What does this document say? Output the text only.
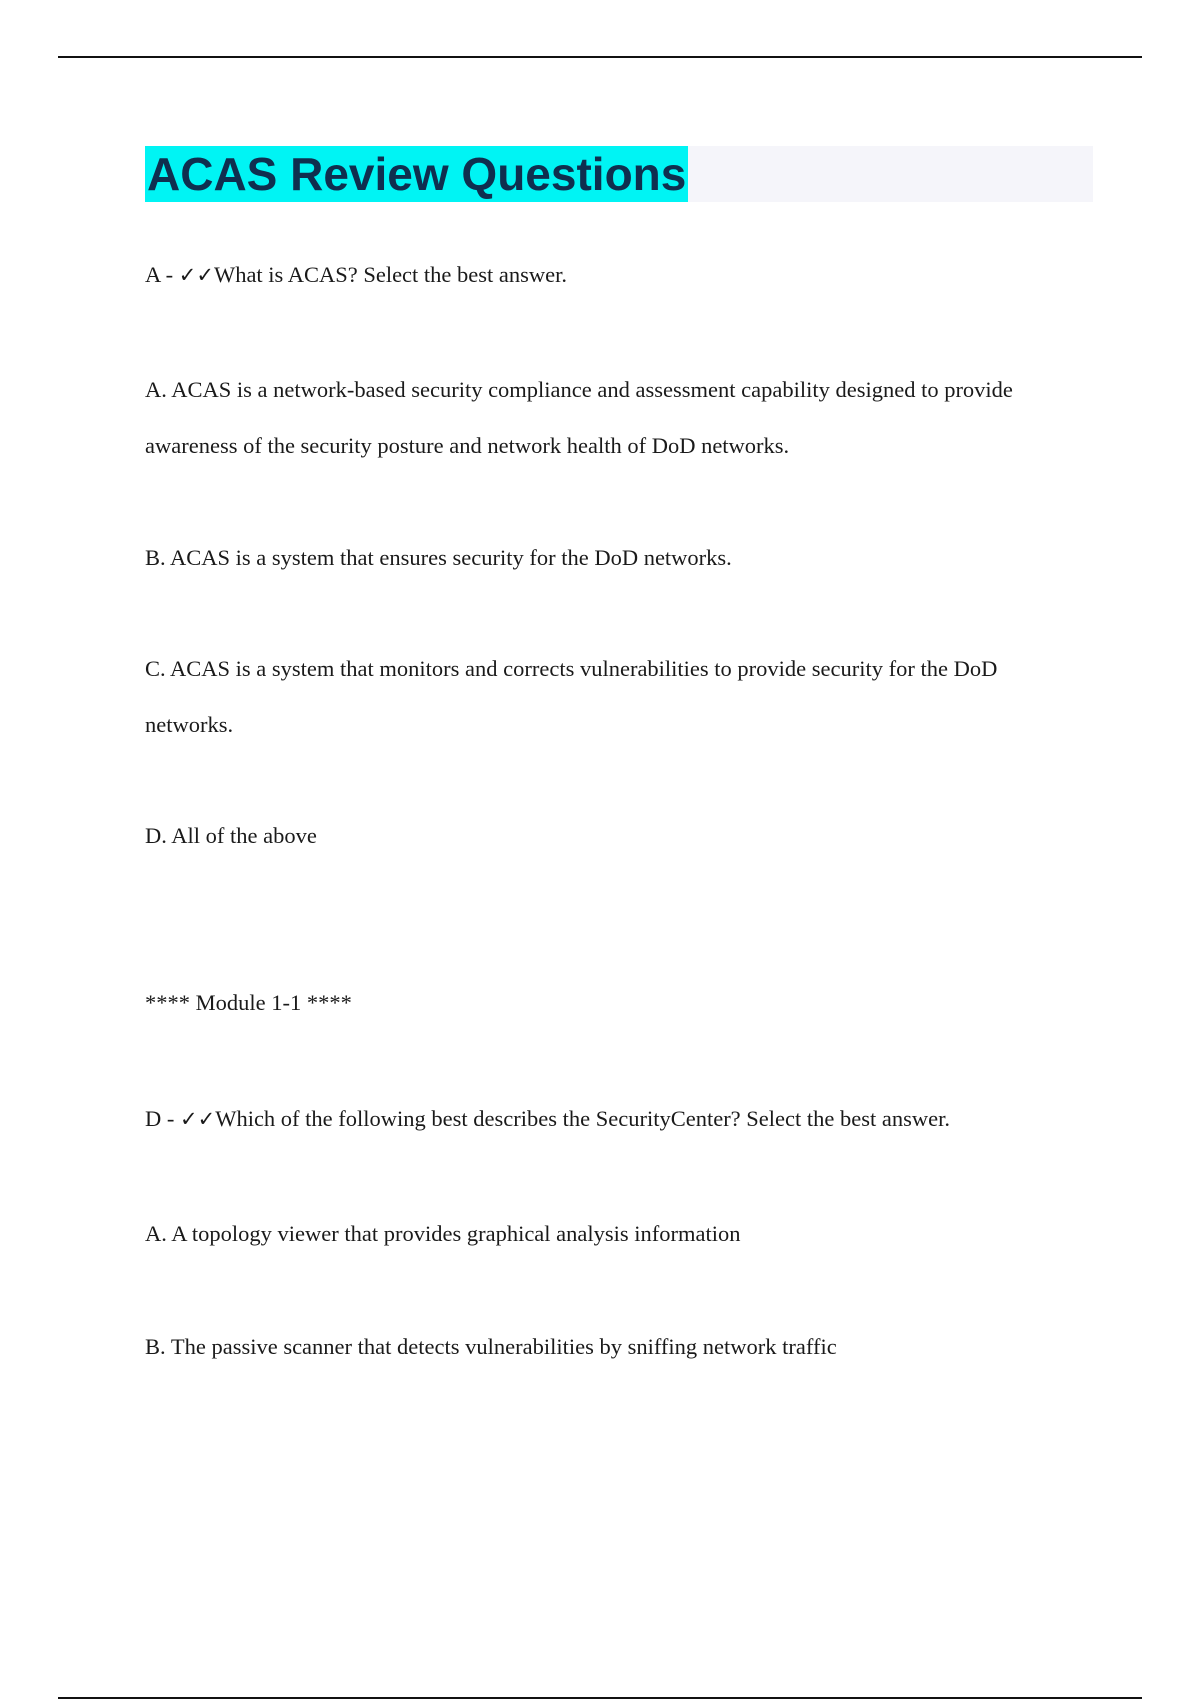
ACAS Review Questions
A - ✓✓What is ACAS? Select the best answer.
A. ACAS is a network-based security compliance and assessment capability designed to provide
awareness of the security posture and network health of DoD networks.
B. ACAS is a system that ensures security for the DoD networks.
C. ACAS is a system that monitors and corrects vulnerabilities to provide security for the DoD
networks.
D. All of the above
**** Module 1-1 ****
D - ✓✓Which of the following best describes the SecurityCenter? Select the best answer.
A. A topology viewer that provides graphical analysis information
B. The passive scanner that detects vulnerabilities by sniffing network traffic
